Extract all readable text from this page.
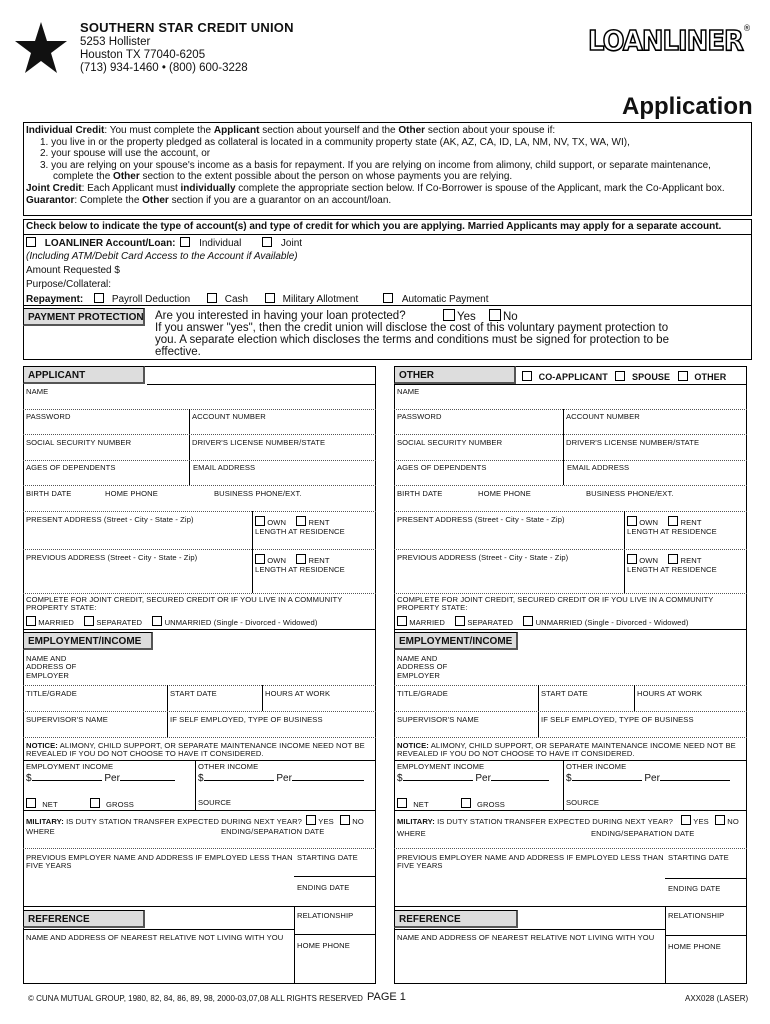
SOUTHERN STAR CREDIT UNION
5253 Hollister
Houston TX 77040-6205
(713) 934-1460 • (800) 600-3228
LOANLINER®
Application
Individual Credit: You must complete the Applicant section about yourself and the Other section about your spouse if:
1. you live in or the property pledged as collateral is located in a community property state (AK, AZ, CA, ID, LA, NM, NV, TX, WA, WI),
2. your spouse will use the account, or
3. you are relying on your spouse's income as a basis for repayment. If you are relying on income from alimony, child support, or separate maintenance,
complete the Other section to the extent possible about the person on whose payments you are relying.
Joint Credit: Each Applicant must individually complete the appropriate section below. If Co-Borrower is spouse of the Applicant, mark the Co-Applicant box.
Guarantor: Complete the Other section if you are a guarantor on an account/loan.
Check below to indicate the type of account(s) and type of credit for which you are applying. Married Applicants may apply for a separate account.
LOANLINER Account/Loan: Individual	Joint
(Including ATM/Debit Card Access to the Account if Available)
Amount Requested $
Purpose/Collateral:
Repayment:	Payroll Deduction	Cash	Military Allotment	Automatic Payment
PAYMENT PROTECTION Are you interested in having your loan protected?
If you answer "yes", then the credit union will disclose the cost of this voluntary payment protection to
you. A separate election which discloses the terms and conditions must be signed for protection to be
effective.
Yes No
APPLICANT
NAME
PASSWORD	ACCOUNT NUMBER
SOCIAL SECURITY NUMBER	DRIVER'S LICENSE NUMBER/STATE
AGES OF DEPENDENTS	EMAIL ADDRESS
BIRTH DATE	HOME PHONE	BUSINESS PHONE/EXT.
PRESENT ADDRESS (Street - City - State - Zip)	OWN	RENT
LENGTH AT RESIDENCE
PREVIOUS ADDRESS (Street - City - State - Zip)	OWN	RENT
LENGTH AT RESIDENCE
COMPLETE FOR JOINT CREDIT, SECURED CREDIT OR IF YOU LIVE IN A COMMUNITY
PROPERTY STATE:
MARRIED	SEPARATED	UNMARRIED (Single - Divorced - Widowed)
EMPLOYMENT/INCOME
NAME AND
ADDRESS OF
EMPLOYER
TITLE/GRADE	START DATE	HOURS AT WORK
SUPERVISOR'S NAME	IF SELF EMPLOYED, TYPE OF BUSINESS
NOTICE: ALIMONY, CHILD SUPPORT, OR SEPARATE MAINTENANCE INCOME NEED NOT BE
REVEALED IF YOU DO NOT CHOOSE TO HAVE IT CONSIDERED.
EMPLOYMENT INCOME	OTHER INCOME
$	Per	$	Per
NET	GROSS	SOURCE
MILITARY: IS DUTY STATION TRANSFER EXPECTED DURING NEXT YEAR? YES NO
WHERE	ENDING/SEPARATION DATE
PREVIOUS EMPLOYER NAME AND ADDRESS IF EMPLOYED LESS THAN
FIVE YEARS
STARTING DATE
ENDING DATE
REFERENCE	RELATIONSHIP
NAME AND ADDRESS OF NEAREST RELATIVE NOT LIVING WITH YOU
HOME PHONE
OTHER	CO-APPLICANT	SPOUSE	OTHER
NAME
PASSWORD	ACCOUNT NUMBER
SOCIAL SECURITY NUMBER	DRIVER'S LICENSE NUMBER/STATE
AGES OF DEPENDENTS	EMAIL ADDRESS
BIRTH DATE	HOME PHONE	BUSINESS PHONE/EXT.
PRESENT ADDRESS (Street - City - State - Zip)	OWN	RENT
LENGTH AT RESIDENCE
PREVIOUS ADDRESS (Street - City - State - Zip)	OWN	RENT
LENGTH AT RESIDENCE
COMPLETE FOR JOINT CREDIT, SECURED CREDIT OR IF YOU LIVE IN A COMMUNITY
PROPERTY STATE:
MARRIED	SEPARATED	UNMARRIED (Single - Divorced - Widowed)
EMPLOYMENT/INCOME
NAME AND
ADDRESS OF
EMPLOYER
TITLE/GRADE	START DATE	HOURS AT WORK
SUPERVISOR'S NAME	IF SELF EMPLOYED, TYPE OF BUSINESS
NOTICE: ALIMONY, CHILD SUPPORT, OR SEPARATE MAINTENANCE INCOME NEED NOT BE
REVEALED IF YOU DO NOT CHOOSE TO HAVE IT CONSIDERED.
EMPLOYMENT INCOME	OTHER INCOME
$	Per	$	Per
NET	GROSS	SOURCE
MILITARY: IS DUTY STATION TRANSFER EXPECTED DURING NEXT YEAR?	YES NO
WHERE	ENDING/SEPARATION DATE
PREVIOUS EMPLOYER NAME AND ADDRESS IF EMPLOYED LESS THAN
FIVE YEARS
STARTING DATE
ENDING DATE
REFERENCE	RELATIONSHIP
NAME AND ADDRESS OF NEAREST RELATIVE NOT LIVING WITH YOU
HOME PHONE
© CUNA MUTUAL GROUP, 1980, 82, 84, 86, 89, 98, 2000-03,07,08 ALL RIGHTS RESERVED PAGE 1	AXX028 (LASER)
